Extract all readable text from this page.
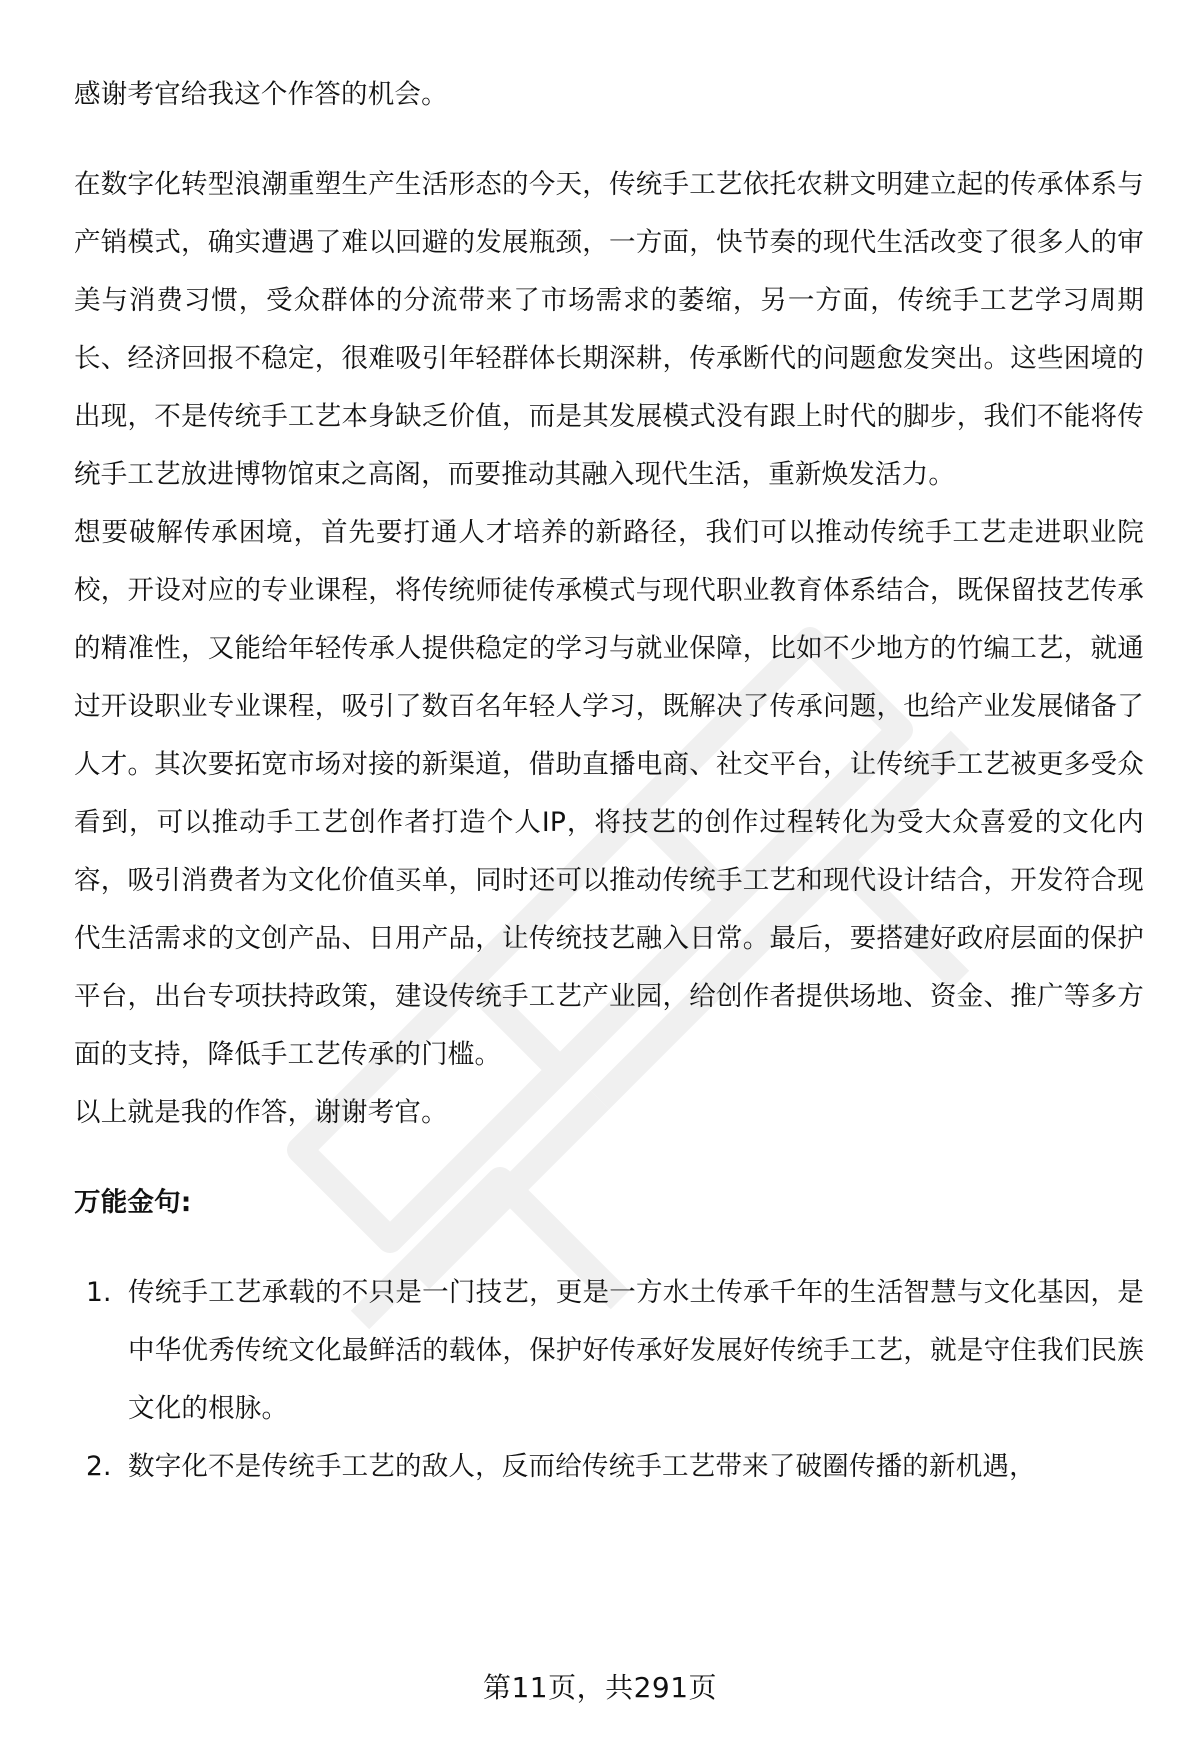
感谢考官给我这个作答的机会。

在数字化转型浪潮重塑生产生活形态的今天，传统手工艺依托农耕文明建立起的传承体系与产销模式，确实遭遇了难以回避的发展瓶颈，一方面，快节奏的现代生活改变了很多人的审美与消费习惯，受众群体的分流带来了市场需求的萎缩，另一方面，传统手工艺学习周期长、经济回报不稳定，很难吸引年轻群体长期深耕，传承断代的问题愈发突出。这些困境的出现，不是传统手工艺本身缺乏价值，而是其发展模式没有跟上时代的脚步，我们不能将传统手工艺放进博物馆束之高阁，而要推动其融入现代生活，重新焕发活力。

想要破解传承困境，首先要打通人才培养的新路径，我们可以推动传统手工艺走进职业院校，开设对应的专业课程，将传统师徒传承模式与现代职业教育体系结合，既保留技艺传承的精准性，又能给年轻传承人提供稳定的学习与就业保障，比如不少地方的竹编工艺，就通过开设职业专业课程，吸引了数百名年轻人学习，既解决了传承问题，也给产业发展储备了人才。其次要拓宽市场对接的新渠道，借助直播电商、社交平台，让传统手工艺被更多受众看到，可以推动手工艺创作者打造个人IP，将技艺的创作过程转化为受大众喜爱的文化内容，吸引消费者为文化价值买单，同时还可以推动传统手工艺和现代设计结合，开发符合现代生活需求的文创产品、日用产品，让传统技艺融入日常。最后，要搭建好政府层面的保护平台，出台专项扶持政策，建设传统手工艺产业园，给创作者提供场地、资金、推广等多方面的支持，降低手工艺传承的门槛。

以上就是我的作答，谢谢考官。

万能金句:

1. 传统手工艺承载的不只是一门技艺，更是一方水土传承千年的生活智慧与文化基因，是中华优秀传统文化最鲜活的载体，保护好传承好发展好传统手工艺，就是守住我们民族文化的根脉。
2. 数字化不是传统手工艺的敌人，反而给传统手工艺带来了破圈传播的新机遇，
第11页，共291页
